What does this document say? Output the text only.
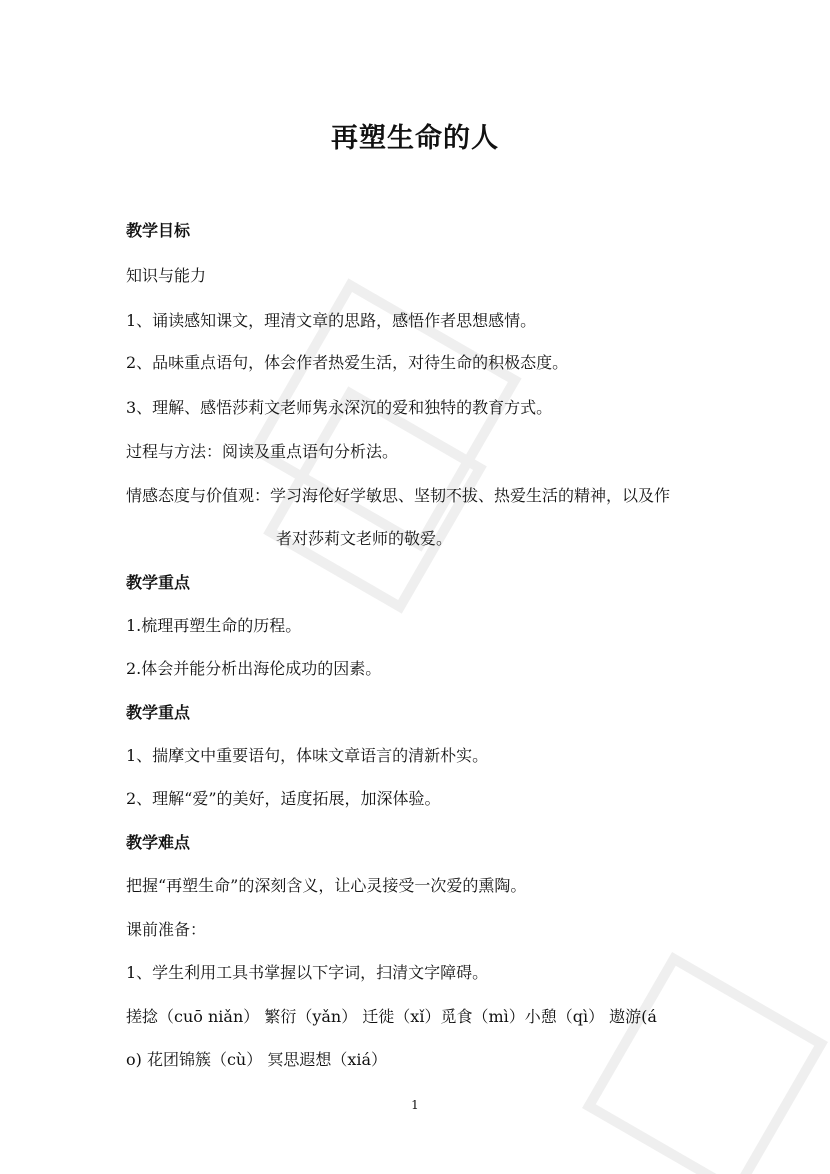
再塑生命的人
教学目标
知识与能力
1、诵读感知课文，理清文章的思路，感悟作者思想感情。
2、品味重点语句，体会作者热爱生活，对待生命的积极态度。
3、理解、感悟莎莉文老师隽永深沉的爱和独特的教育方式。
过程与方法：阅读及重点语句分析法。
情感态度与价值观：学习海伦好学敏思、坚韧不拔、热爱生活的精神，以及作
者对莎莉文老师的敬爱。
教学重点
1.梳理再塑生命的历程。
2.体会并能分析出海伦成功的因素。
教学重点
1、揣摩文中重要语句，体味文章语言的清新朴实。
2、理解“爱”的美好，适度拓展，加深体验。
教学难点
把握“再塑生命”的深刻含义，让心灵接受一次爱的熏陶。
课前准备：
1、学生利用工具书掌握以下字词，扫清文字障碍。
搓捻（cuō niǎn） 繁衍（yǎn） 迁徙（xǐ）觅食（mì）小憩（qì） 遨游(á
o) 花团锦簇（cù） 冥思遐想（xiá）
1
